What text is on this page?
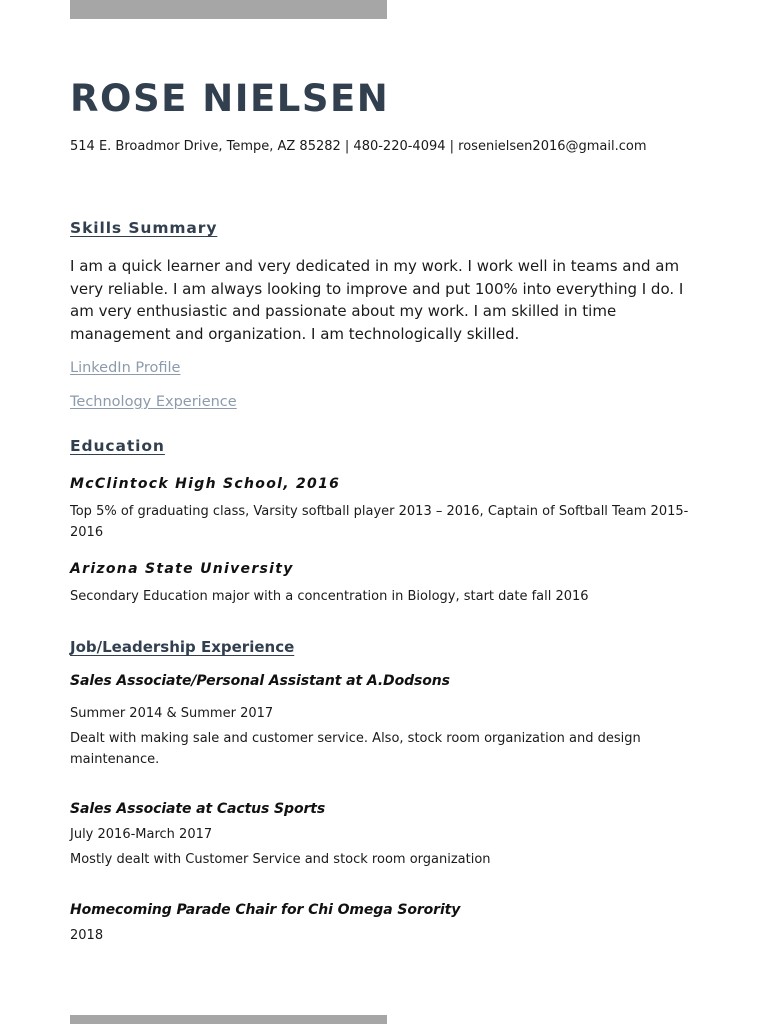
ROSE NIELSEN
514 E. Broadmor Drive, Tempe, AZ 85282 | 480-220-4094 | rosenielsen2016@gmail.com
Skills Summary
I am a quick learner and very dedicated in my work. I work well in teams and am very reliable. I am always looking to improve and put 100% into everything I do. I am very enthusiastic and passionate about my work. I am skilled in time management and organization. I am technologically skilled.
LinkedIn Profile
Technology Experience
Education
McClintock High School, 2016
Top 5% of graduating class, Varsity softball player 2013 – 2016, Captain of Softball Team 2015-2016
Arizona State University
Secondary Education major with a concentration in Biology, start date fall 2016
Job/Leadership Experience
Sales Associate/Personal Assistant at A.Dodsons
Summer 2014 & Summer 2017
Dealt with making sale and customer service. Also, stock room organization and design maintenance.
Sales Associate at Cactus Sports
July 2016-March 2017
Mostly dealt with Customer Service and stock room organization
Homecoming Parade Chair for Chi Omega Sorority
2018
